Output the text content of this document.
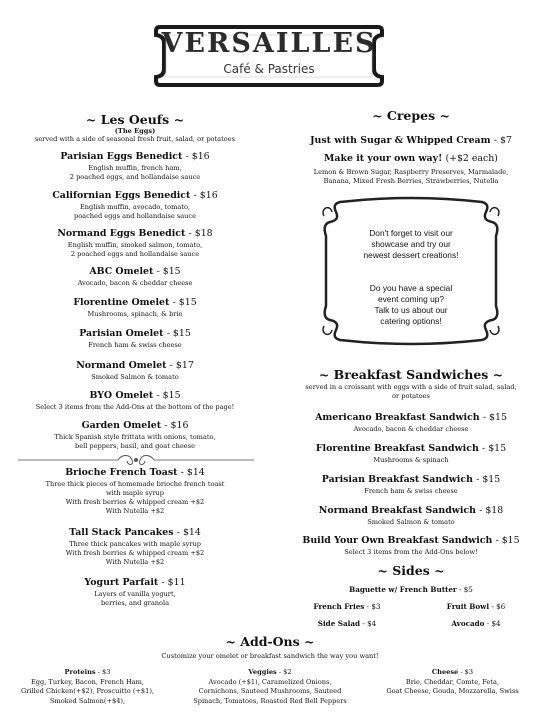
VERSAILLES
Café & Pastries
~ Les Oeufs ~
(The Eggs)
served with a side of seasonal fresh fruit, salad, or potatoes
Parisian Eggs Benedict - $16
English muffin, french ham,
2 poached eggs, and hollandaise sauce
Californian Eggs Benedict - $16
English muffin, avocado, tomato,
poached eggs and hollandaise sauce
Normand Eggs Benedict - $18
English muffin, smoked salmon, tomato,
2 poached eggs and hollandaise sauce
ABC Omelet - $15
Avocado, bacon & cheddar cheese
Florentine Omelet - $15
Mushrooms, spinach, & brie
Parisian Omelet - $15
French ham & swiss cheese
Normand Omelet - $17
Smoked Salmon & tomato
BYO Omelet - $15
Select 3 items from the Add-Ons at the bottom of the page!
Garden Omelet - $16
Thick Spanish style frittata with onions, tomato,
bell peppers, basil, and goat cheese
Brioche French Toast - $14
Three thick pieces of homemade brioche french toast
with maple syrup
With fresh berries & whipped cream +$2
With Nutella +$2
Tall Stack Pancakes - $14
Three thick pancakes with maple syrup
With fresh berries & whipped cream +$2
With Nutella +$2
Yogurt Parfait - $11
Layers of vanilla yogurt,
berries, and granola
~ Crepes ~
Just with Sugar & Whipped Cream - $7
Make it your own way! (+$2 each)
Lemon & Brown Sugar, Raspberry Preserves, Marmalade,
Banana, Mixed Fresh Berries, Strawberries, Nutella
Don't forget to visit our
showcase and try our
newest dessert creations!
Do you have a special
event coming up?
Talk to us about our
catering options!
~ Breakfast Sandwiches ~
served in a croissant with eggs with a side of fruit salad, salad,
or potatoes
Americano Breakfast Sandwich - $15
Avocado, bacon & cheddar cheese
Florentine Breakfast Sandwich - $15
Mushrooms & spinach
Parisian Breakfast Sandwich - $15
French ham & swiss cheese
Normand Breakfast Sandwich - $18
Smoked Salmon & tomato
Build Your Own Breakfast Sandwich - $15
Select 3 items from the Add-Ons below!
~ Sides ~
Baguette w/ French Butter - $5
French Fries - $3	Fruit Bowl - $6
Side Salad - $4	Avocado - $4
~ Add-Ons ~
Customize your omelet or breakfast sandwich the way you want!
Proteins - $3
Egg, Turkey, Bacon, French Ham,
Grilled Chicken(+$2), Proscuitto (+$1),
Smoked Salmon(+$4),
Veggies - $2
Avocado (+$1), Caramelized Onions,
Cornichons, Sauteed Mushrooms, Sauteed
Spinach, Tomatoes, Roasted Red Bell Peppers
Cheese - $3
Brie, Cheddar, Comte, Feta,
Goat Cheese, Gouda, Mozzarella, Swiss
